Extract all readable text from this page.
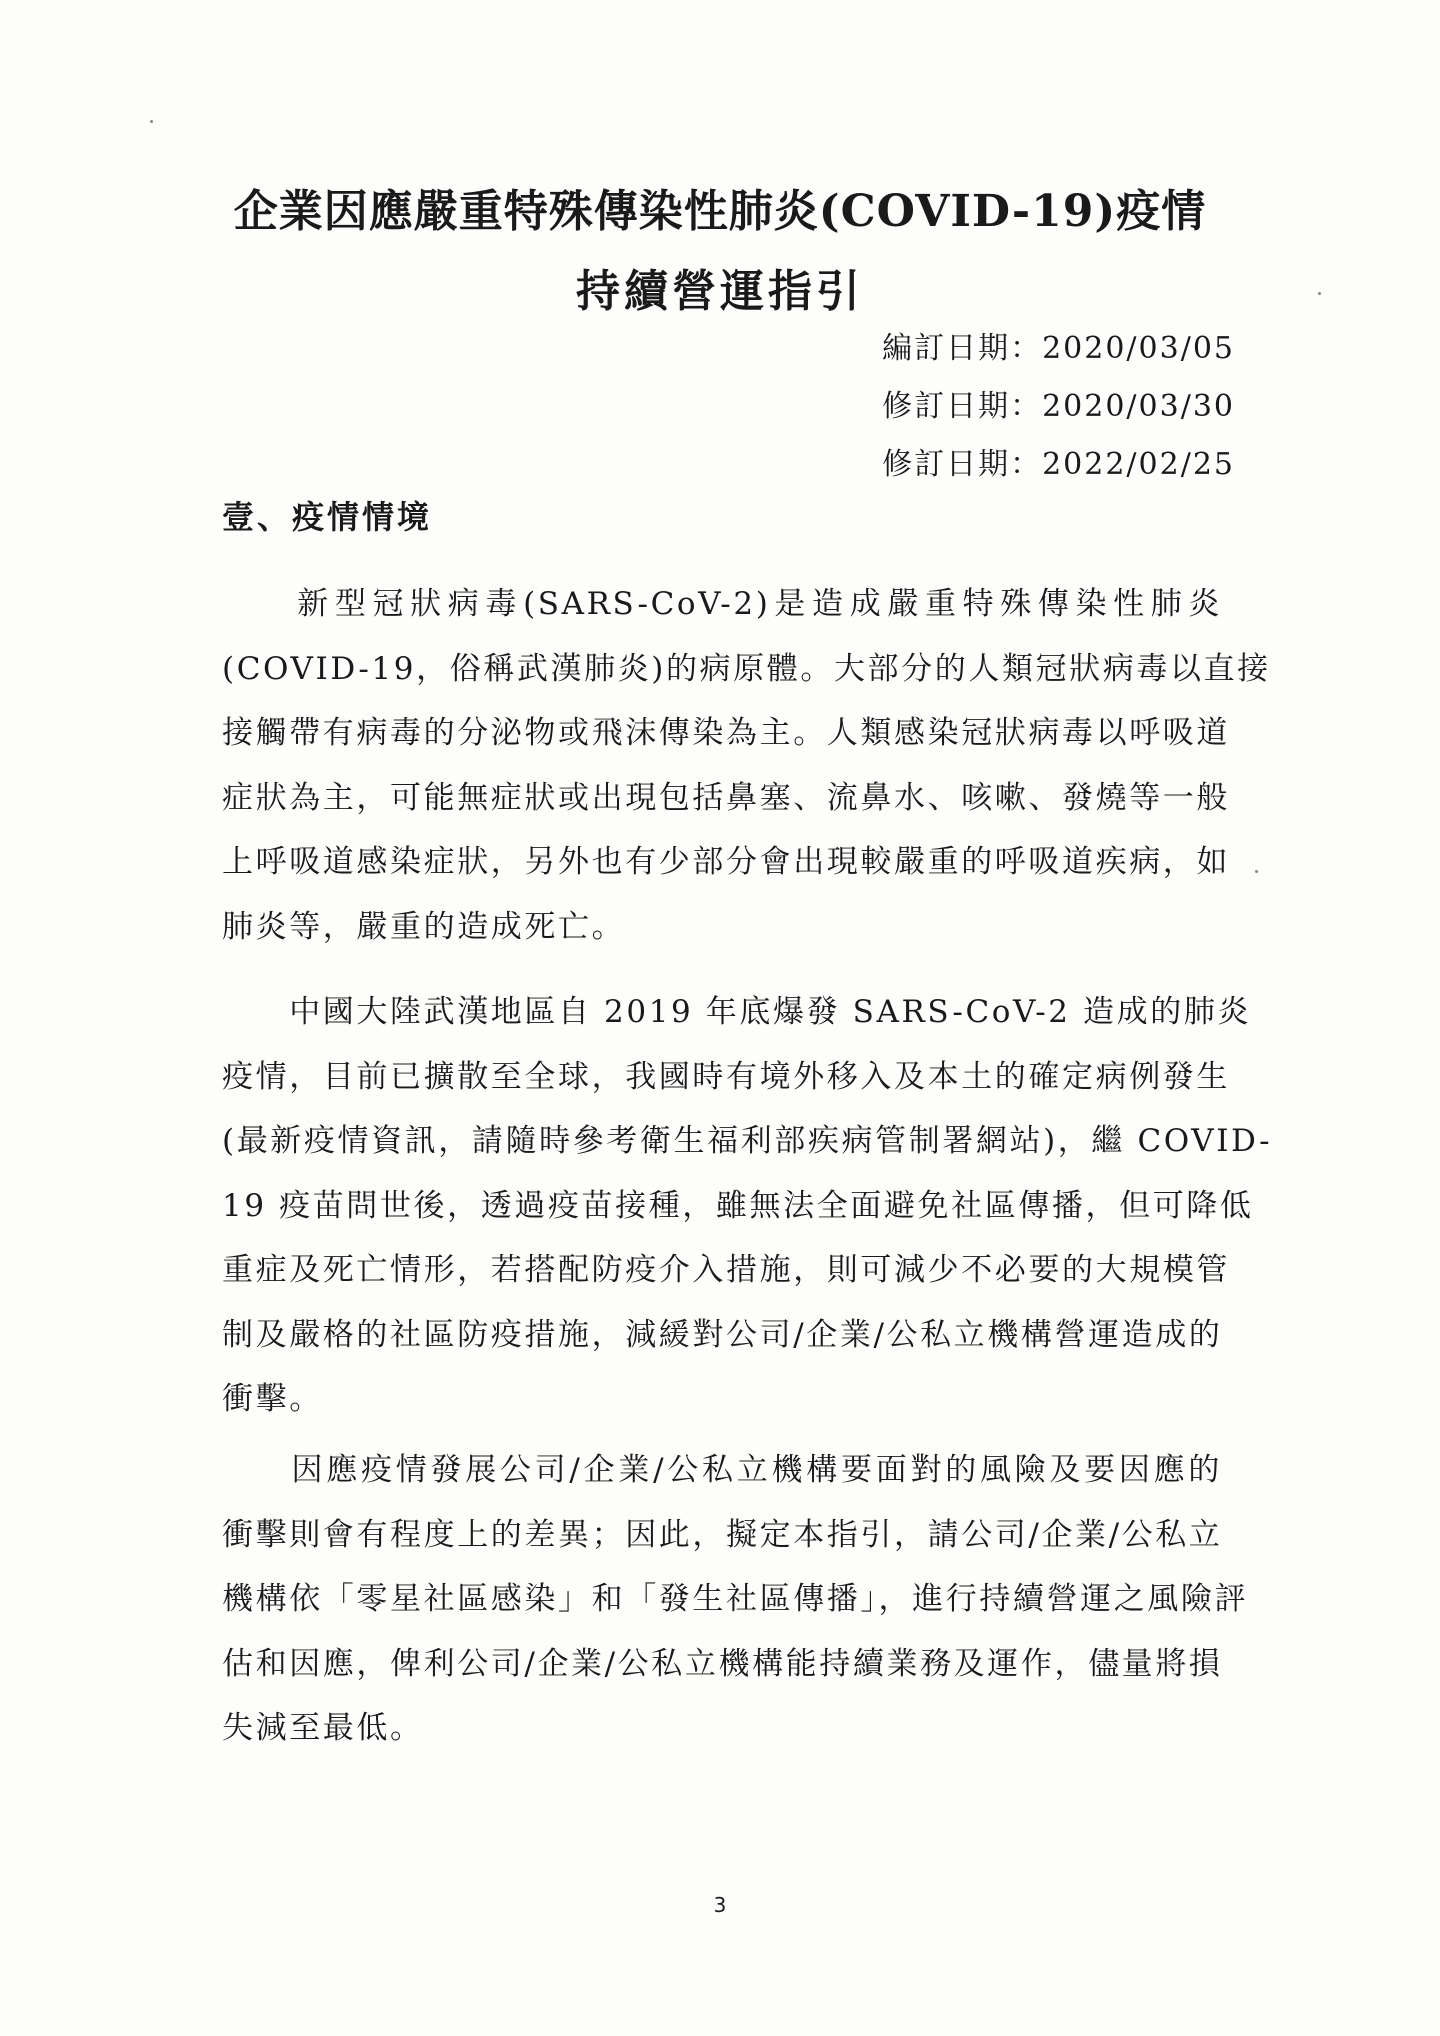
企業因應嚴重特殊傳染性肺炎(COVID-19)疫情
持續營運指引
編訂日期：2020/03/05
修訂日期：2020/03/30
修訂日期：2022/02/25
壹、疫情情境
　　新型冠狀病毒(SARS-CoV-2)是造成嚴重特殊傳染性肺炎
(COVID-19，俗稱武漢肺炎)的病原體。大部分的人類冠狀病毒以直接
接觸帶有病毒的分泌物或飛沫傳染為主。人類感染冠狀病毒以呼吸道
症狀為主，可能無症狀或出現包括鼻塞、流鼻水、咳嗽、發燒等一般
上呼吸道感染症狀，另外也有少部分會出現較嚴重的呼吸道疾病，如
肺炎等，嚴重的造成死亡。
　　中國大陸武漢地區自 2019 年底爆發 SARS-CoV-2 造成的肺炎
疫情，目前已擴散至全球，我國時有境外移入及本土的確定病例發生
(最新疫情資訊，請隨時參考衛生福利部疾病管制署網站)，繼 COVID-
19 疫苗問世後，透過疫苗接種，雖無法全面避免社區傳播，但可降低
重症及死亡情形，若搭配防疫介入措施，則可減少不必要的大規模管
制及嚴格的社區防疫措施，減緩對公司/企業/公私立機構營運造成的
衝擊。
　　因應疫情發展公司/企業/公私立機構要面對的風險及要因應的
衝擊則會有程度上的差異；因此，擬定本指引，請公司/企業/公私立
機構依「零星社區感染」和「發生社區傳播」，進行持續營運之風險評
估和因應，俾利公司/企業/公私立機構能持續業務及運作，儘量將損
失減至最低。
3
